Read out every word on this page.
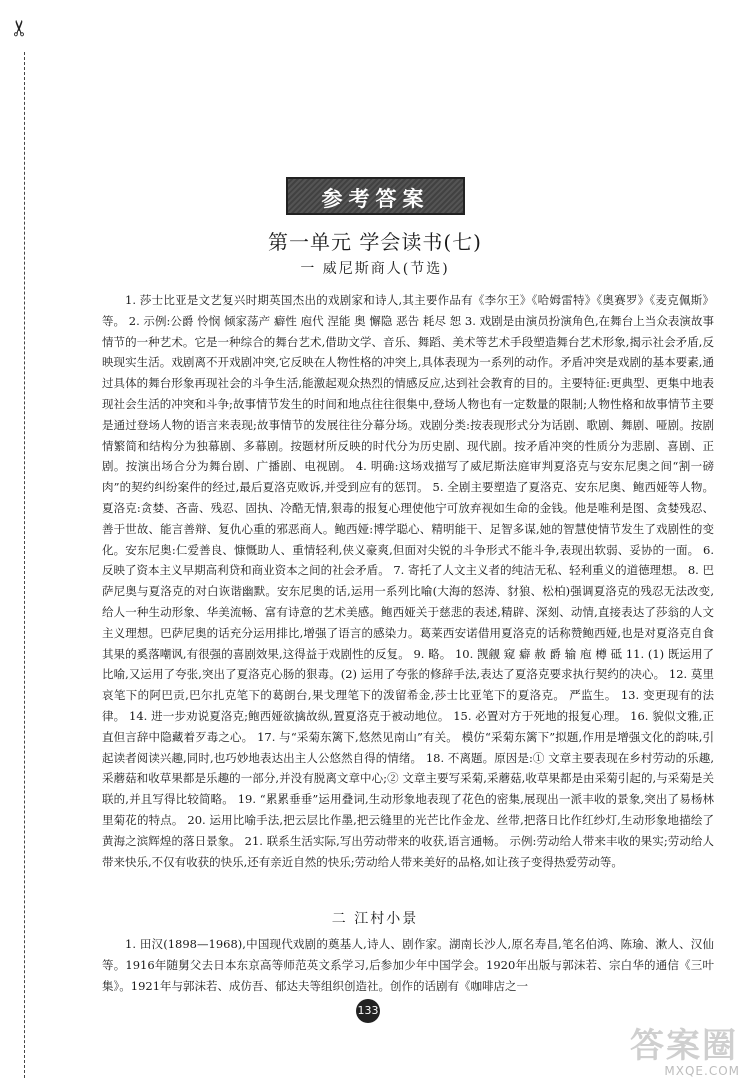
✂
参考答案
第一单元 学会读书(七)
一 威尼斯商人(节选)

1. 莎士比亚是文艺复兴时期英国杰出的戏剧家和诗人,其主要作品有《李尔王》《哈姆雷特》《奥赛罗》《麦克佩斯》等。 2. 示例:公爵 怜悯 倾家荡产 癖性 庖代 涅能 奥 懈隐 恶告 耗尽 恕 3. 戏剧是由演员扮演角色,在舞台上当众表演故事情节的一种艺术。它是一种综合的舞台艺术,借助文学、音乐、舞蹈、美术等艺术手段塑造舞台艺术形象,揭示社会矛盾,反映现实生活。戏剧离不开戏剧冲突,它反映在人物性格的冲突上,具体表现为一系列的动作。矛盾冲突是戏剧的基本要素,通过具体的舞台形象再现社会的斗争生活,能激起观众热烈的情感反应,达到社会教育的目的。主要特征:更典型、更集中地表现社会生活的冲突和斗争;故事情节发生的时间和地点往往很集中,登场人物也有一定数量的限制;人物性格和故事情节主要是通过登场人物的语言来表现;故事情节的发展往往分幕分场。戏剧分类:按表现形式分为话剧、歌剧、舞剧、哑剧。按剧情繁简和结构分为独幕剧、多幕剧。按题材所反映的时代分为历史剧、现代剧。按矛盾冲突的性质分为悲剧、喜剧、正剧。按演出场合分为舞台剧、广播剧、电视剧。 4. 明确:这场戏描写了威尼斯法庭审判夏洛克与安东尼奥之间“割一磅肉”的契约纠纷案件的经过,最后夏洛克败诉,并受到应有的惩罚。 5. 全剧主要塑造了夏洛克、安东尼奥、鲍西娅等人物。 夏洛克:贪婪、吝啬、残忍、固执、冷酷无情,狠毒的报复心理使他宁可放弃视如生命的金钱。他是唯利是图、贪婪残忍、善于世故、能言善辩、复仇心重的邪恶商人。鲍西娅:博学聪心、精明能干、足智多谋,她的智慧使情节发生了戏剧性的变化。安东尼奥:仁爱善良、慷慨助人、重情轻利,侠义豪爽,但面对尖锐的斗争形式不能斗争,表现出软弱、妥协的一面。 6. 反映了资本主义早期高利贷和商业资本之间的社会矛盾。 7. 寄托了人文主义者的纯洁无私、轻利重义的道德理想。 8. 巴萨尼奥与夏洛克的对白诙谐幽默。安东尼奥的话,运用一系列比喻(大海的怒涛、豺狼、松柏)强调夏洛克的残忍无法改变,给人一种生动形象、华美流畅、富有诗意的艺术美感。鲍西娅关于慈悲的表述,精辟、深刻、动情,直接表达了莎翁的人文主义理想。巴萨尼奥的话充分运用排比,增强了语言的感染力。葛莱西安诺借用夏洛克的话称赞鲍西娅,也是对夏洛克自食其果的奚落嘲讽,有很强的喜剧效果,这得益于戏剧性的反复。 9. 略。 10. 觊觎 窥 癖 赦 爵 输 庖 樽 砥 11. (1) 既运用了比喻,又运用了夸张,突出了夏洛克心肠的狠毒。(2) 运用了夸张的修辞手法,表达了夏洛克要求执行契约的决心。 12. 莫里哀笔下的阿巴贡,巴尔扎克笔下的葛朗台,果戈理笔下的泼留希金,莎士比亚笔下的夏洛克。 严监生。 13. 变更现有的法律。 14. 进一步劝说夏洛克;鲍西娅欲擒故纵,置夏洛克于被动地位。 15. 必置对方于死地的报复心理。 16. 貌似文雅,正直但言辞中隐藏着歹毒之心。 17. 与“采菊东篱下,悠然见南山”有关。 模仿“采菊东篱下”拟题,作用是增强文化的韵味,引起读者阅读兴趣,同时,也巧妙地表达出主人公悠然自得的情绪。 18. 不离题。原因是:① 文章主要表现在乡村劳动的乐趣,采蘑菇和收草果都是乐趣的一部分,并没有脱离文章中心;② 文章主要写采菊,采蘑菇,收草果都是由采菊引起的,与采菊是关联的,并且写得比较简略。 19. “累累垂垂”运用叠词,生动形象地表现了花色的密集,展现出一派丰收的景象,突出了易杨林里菊花的特点。 20. 运用比喻手法,把云层比作墨,把云缝里的光芒比作金龙、丝带,把落日比作红纱灯,生动形象地描绘了黄海之滨辉煌的落日景象。 21. 联系生活实际,写出劳动带来的收获,语言通畅。 示例:劳动给人带来丰收的果实;劳动给人带来快乐,不仅有收获的快乐,还有亲近自然的快乐;劳动给人带来美好的品格,如让孩子变得热爱劳动等。

二 江村小景

1. 田汉(1898—1968),中国现代戏剧的奠基人,诗人、剧作家。湖南长沙人,原名寿昌,笔名伯鸿、陈瑜、漱人、汉仙等。1916年随舅父去日本东京高等师范英文系学习,后参加少年中国学会。1920年出版与郭沫若、宗白华的通信《三叶集》。1921年与郭沫若、成仿吾、郁达夫等组织创造社。创作的话剧有《咖啡店之一

133
答案圈
MXQE.COM
